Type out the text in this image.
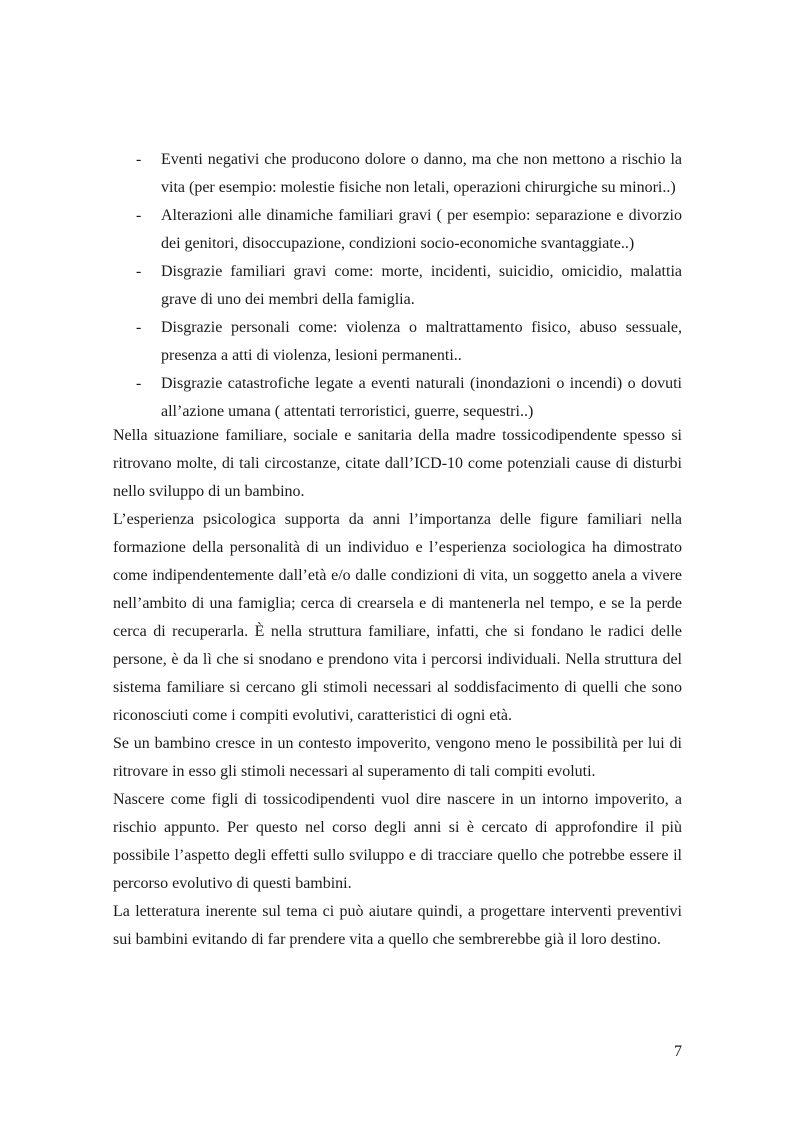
- Eventi negativi che producono dolore o danno, ma che non mettono a rischio la vita (per esempio: molestie fisiche non letali, operazioni chirurgiche su minori..)
- Alterazioni alle dinamiche familiari gravi ( per esempio: separazione e divorzio dei genitori, disoccupazione, condizioni socio-economiche svantaggiate..)
- Disgrazie familiari gravi come: morte, incidenti, suicidio, omicidio, malattia grave di uno dei membri della famiglia.
- Disgrazie personali come: violenza o maltrattamento fisico, abuso sessuale, presenza a atti di violenza, lesioni permanenti..
- Disgrazie catastrofiche legate a eventi naturali (inondazioni o incendi) o dovuti all’azione umana ( attentati terroristici, guerre, sequestri..)

Nella situazione familiare, sociale e sanitaria della madre tossicodipendente spesso si ritrovano molte, di tali circostanze, citate dall’ICD-10 come potenziali cause di disturbi nello sviluppo di un bambino.

L’esperienza psicologica supporta da anni l’importanza delle figure familiari nella formazione della personalità di un individuo e l’esperienza sociologica ha dimostrato come indipendentemente dall’età e/o dalle condizioni di vita, un soggetto anela a vivere nell’ambito di una famiglia; cerca di crearsela e di mantenerla nel tempo, e se la perde cerca di recuperarla. È nella struttura familiare, infatti, che si fondano le radici delle persone, è da lì che si snodano e prendono vita i percorsi individuali. Nella struttura del sistema familiare si cercano gli stimoli necessari al soddisfacimento di quelli che sono riconosciuti come i compiti evolutivi, caratteristici di ogni età.

Se un bambino cresce in un contesto impoverito, vengono meno le possibilità per lui di ritrovare in esso gli stimoli necessari al superamento di tali compiti evoluti.

Nascere come figli di tossicodipendenti vuol dire nascere in un intorno impoverito, a rischio appunto. Per questo nel corso degli anni si è cercato di approfondire il più possibile l’aspetto degli effetti sullo sviluppo e di tracciare quello che potrebbe essere il percorso evolutivo di questi bambini.

La letteratura inerente sul tema ci può aiutare quindi, a progettare interventi preventivi sui bambini evitando di far prendere vita a quello che sembrerebbe già il loro destino.

7
